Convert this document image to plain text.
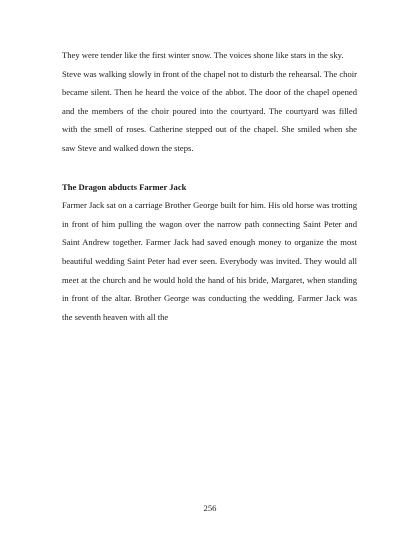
They were tender like the first winter snow. The voices shone like stars in the sky.

Steve was walking slowly in front of the chapel not to disturb the rehearsal. The choir became silent. Then he heard the voice of the abbot. The door of the chapel opened and the members of the choir poured into the courtyard. The courtyard was filled with the smell of roses. Catherine stepped out of the chapel. She smiled when she saw Steve and walked down the steps.

The Dragon abducts Farmer Jack

Farmer Jack sat on a carriage Brother George built for him. His old horse was trotting in front of him pulling the wagon over the narrow path connecting Saint Peter and Saint Andrew together. Farmer Jack had saved enough money to organize the most beautiful wedding Saint Peter had ever seen. Everybody was invited. They would all meet at the church and he would hold the hand of his bride, Margaret, when standing in front of the altar. Brother George was conducting the wedding. Farmer Jack was the seventh heaven with all the

256
